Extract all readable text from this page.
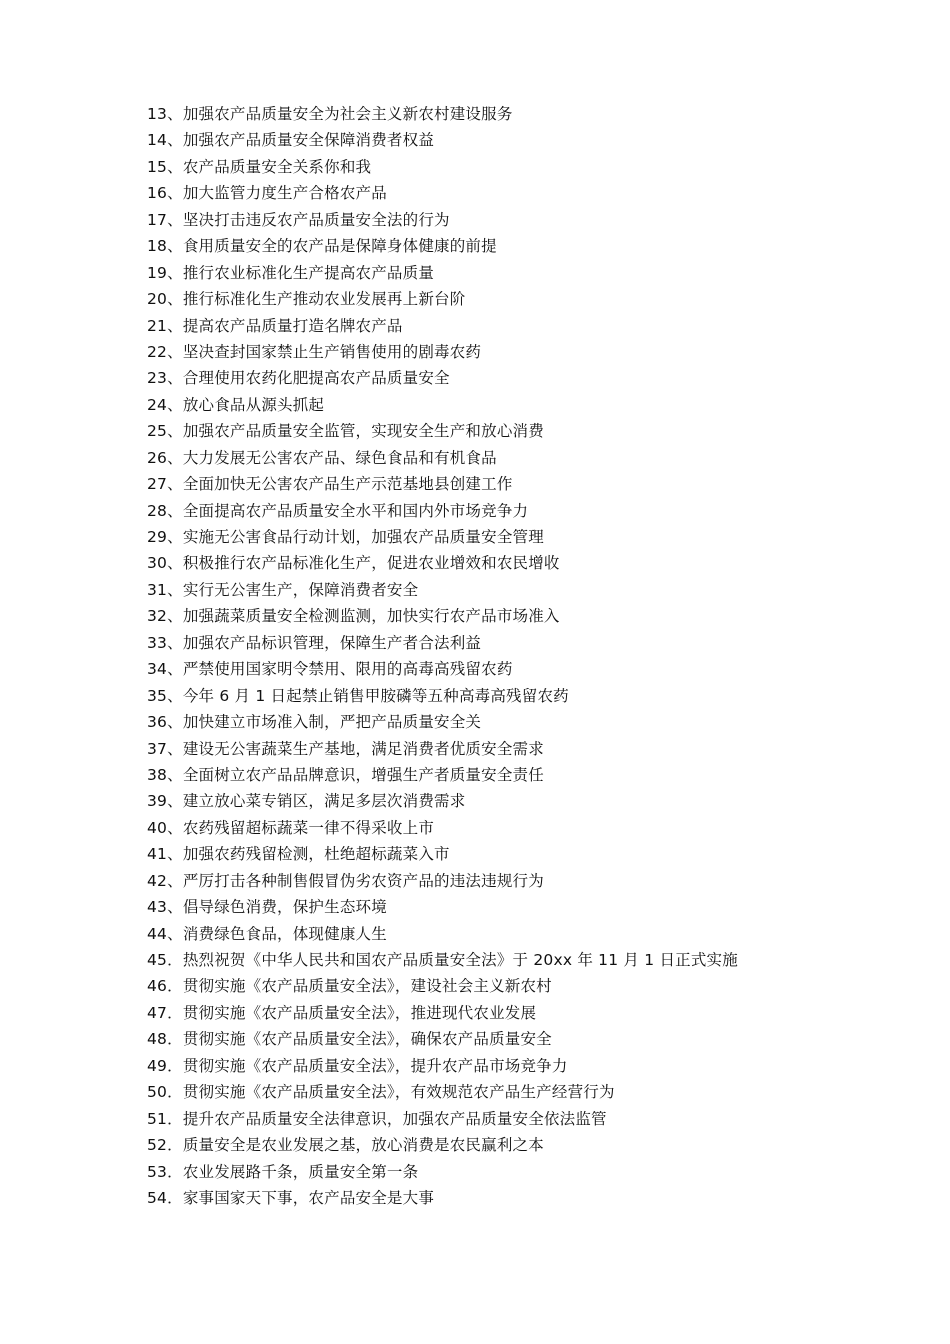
13、加强农产品质量安全为社会主义新农村建设服务
14、加强农产品质量安全保障消费者权益
15、农产品质量安全关系你和我
16、加大监管力度生产合格农产品
17、坚决打击违反农产品质量安全法的行为
18、食用质量安全的农产品是保障身体健康的前提
19、推行农业标准化生产提高农产品质量
20、推行标准化生产推动农业发展再上新台阶
21、提高农产品质量打造名牌农产品
22、坚决查封国家禁止生产销售使用的剧毒农药
23、合理使用农药化肥提高农产品质量安全
24、放心食品从源头抓起
25、加强农产品质量安全监管，实现安全生产和放心消费
26、大力发展无公害农产品、绿色食品和有机食品
27、全面加快无公害农产品生产示范基地县创建工作
28、全面提高农产品质量安全水平和国内外市场竞争力
29、实施无公害食品行动计划，加强农产品质量安全管理
30、积极推行农产品标准化生产，促进农业增效和农民增收
31、实行无公害生产，保障消费者安全
32、加强蔬菜质量安全检测监测，加快实行农产品市场准入
33、加强农产品标识管理，保障生产者合法利益
34、严禁使用国家明令禁用、限用的高毒高残留农药
35、今年 6 月 1 日起禁止销售甲胺磷等五种高毒高残留农药
36、加快建立市场准入制，严把产品质量安全关
37、建设无公害蔬菜生产基地，满足消费者优质安全需求
38、全面树立农产品品牌意识，增强生产者质量安全责任
39、建立放心菜专销区，满足多层次消费需求
40、农药残留超标蔬菜一律不得采收上市
41、加强农药残留检测，杜绝超标蔬菜入市
42、严厉打击各种制售假冒伪劣农资产品的违法违规行为
43、倡导绿色消费，保护生态环境
44、消费绿色食品，体现健康人生
45．热烈祝贺《中华人民共和国农产品质量安全法》于 20xx 年 11 月 1 日正式实施
46．贯彻实施《农产品质量安全法》，建设社会主义新农村
47．贯彻实施《农产品质量安全法》，推进现代农业发展
48．贯彻实施《农产品质量安全法》，确保农产品质量安全
49．贯彻实施《农产品质量安全法》，提升农产品市场竞争力
50．贯彻实施《农产品质量安全法》，有效规范农产品生产经营行为
51．提升农产品质量安全法律意识，加强农产品质量安全依法监管
52．质量安全是农业发展之基，放心消费是农民赢利之本
53．农业发展路千条，质量安全第一条
54．家事国家天下事，农产品安全是大事
